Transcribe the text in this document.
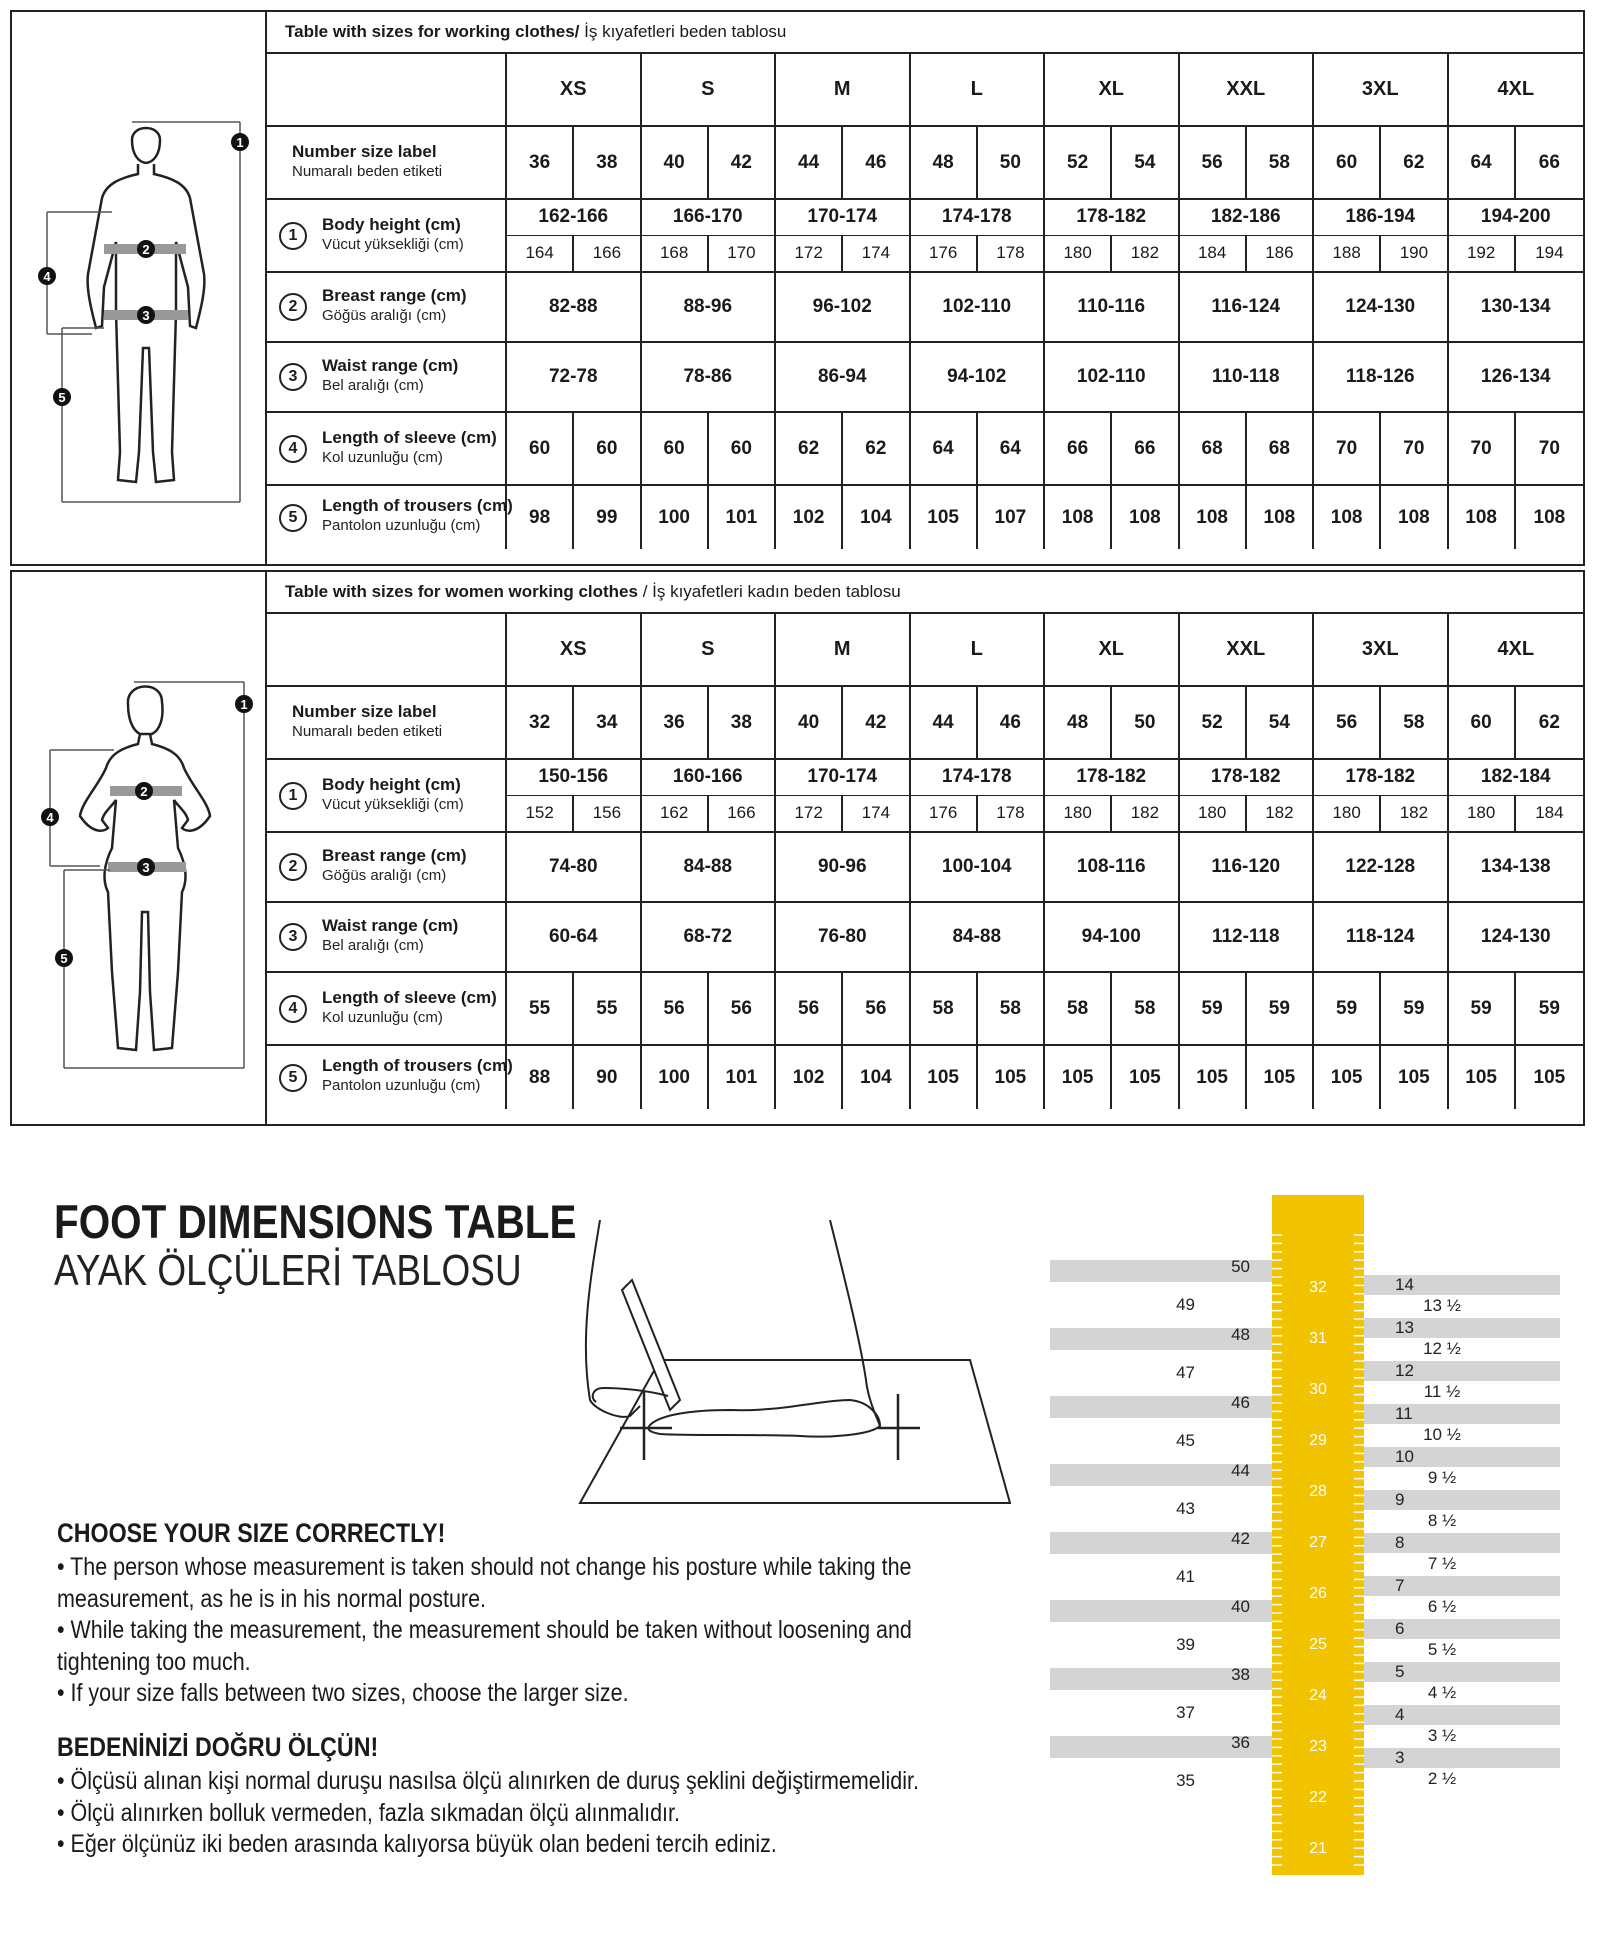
1
2
3
4
5
Table with sizes for working clothes/ İş kıyafetleri beden tablosu
XS	S	M	L	XL	XXL	3XL	4XL
Number size label
Numaralı beden etiketi	36	38	40	42	44	46	48	50	52	54	56	58	60	62	64	66
1
Body height (cm)
Vücut yüksekliği (cm)
162-166	166-170	170-174	174-178	178-182	182-186	186-194	194-200
164	166	168	170	172	174	176	178	180	182	184	186	188	190	192	194
2
Breast range (cm)
Göğüs aralığı (cm)	82-88	88-96	96-102	102-110	110-116	116-124	124-130	130-134
3
Waist range (cm)
Bel aralığı (cm)	72-78	78-86	86-94	94-102	102-110	110-118	118-126	126-134
4
Length of sleeve (cm)
Kol uzunluğu (cm)	60	60	60	60	62	62	64	64	66	66	68	68	70	70	70	70
5
Length of trousers (cm)
Pantolon uzunluğu (cm)	98	99	100	101	102	104	105	107	108	108	108	108	108	108	108	108
1
2
3
4
5
Table with sizes for women working clothes / İş kıyafetleri kadın beden tablosu
XS	S	M	L	XL	XXL	3XL	4XL
Number size label
Numaralı beden etiketi	32	34	36	38	40	42	44	46	48	50	52	54	56	58	60	62
1
Body height (cm)
Vücut yüksekliği (cm)
150-156	160-166	170-174	174-178	178-182	178-182	178-182	182-184
152	156	162	166	172	174	176	178	180	182	180	182	180	182	180	184
2
Breast range (cm)
Göğüs aralığı (cm)	74-80	84-88	90-96	100-104	108-116	116-120	122-128	134-138
3
Waist range (cm)
Bel aralığı (cm)	60-64	68-72	76-80	84-88	94-100	112-118	118-124	124-130
4
Length of sleeve (cm)
Kol uzunluğu (cm)	55	55	56	56	56	56	58	58	58	58	59	59	59	59	59	59
5
Length of trousers (cm)
Pantolon uzunluğu (cm)	88	90	100	101	102	104	105	105	105	105	105	105	105	105	105	105
FOOT DIMENSIONS TABLE
AYAK ÖLÇÜLERİ TABLOSU
CHOOSE YOUR SIZE CORRECTLY!
• The person whose measurement is taken should not change his posture while taking the
measurement, as he is in his normal posture.
• While taking the measurement, the measurement should be taken without loosening and
tightening too much.
• If your size falls between two sizes, choose the larger size.
BEDENİNİZİ DOĞRU ÖLÇÜN!
• Ölçüsü alınan kişi normal duruşu nasılsa ölçü alınırken de duruş şeklini değiştirmemelidir.
• Ölçü alınırken bolluk vermeden, fazla sıkmadan ölçü alınmalıdır.
• Eğer ölçünüz iki beden arasında kalıyorsa büyük olan bedeni tercih ediniz.
50
48
46
44
42
40
38
36
49
47
45
43
41
39
37
35
32
31
30
29
28
27
26
25
24
23
22
21
14
13
12
11
10
9
8
7
6
5
4
3
13 ½
12 ½
11 ½
10 ½
9 ½
8 ½
7 ½
6 ½
5 ½
4 ½
3 ½
2 ½
